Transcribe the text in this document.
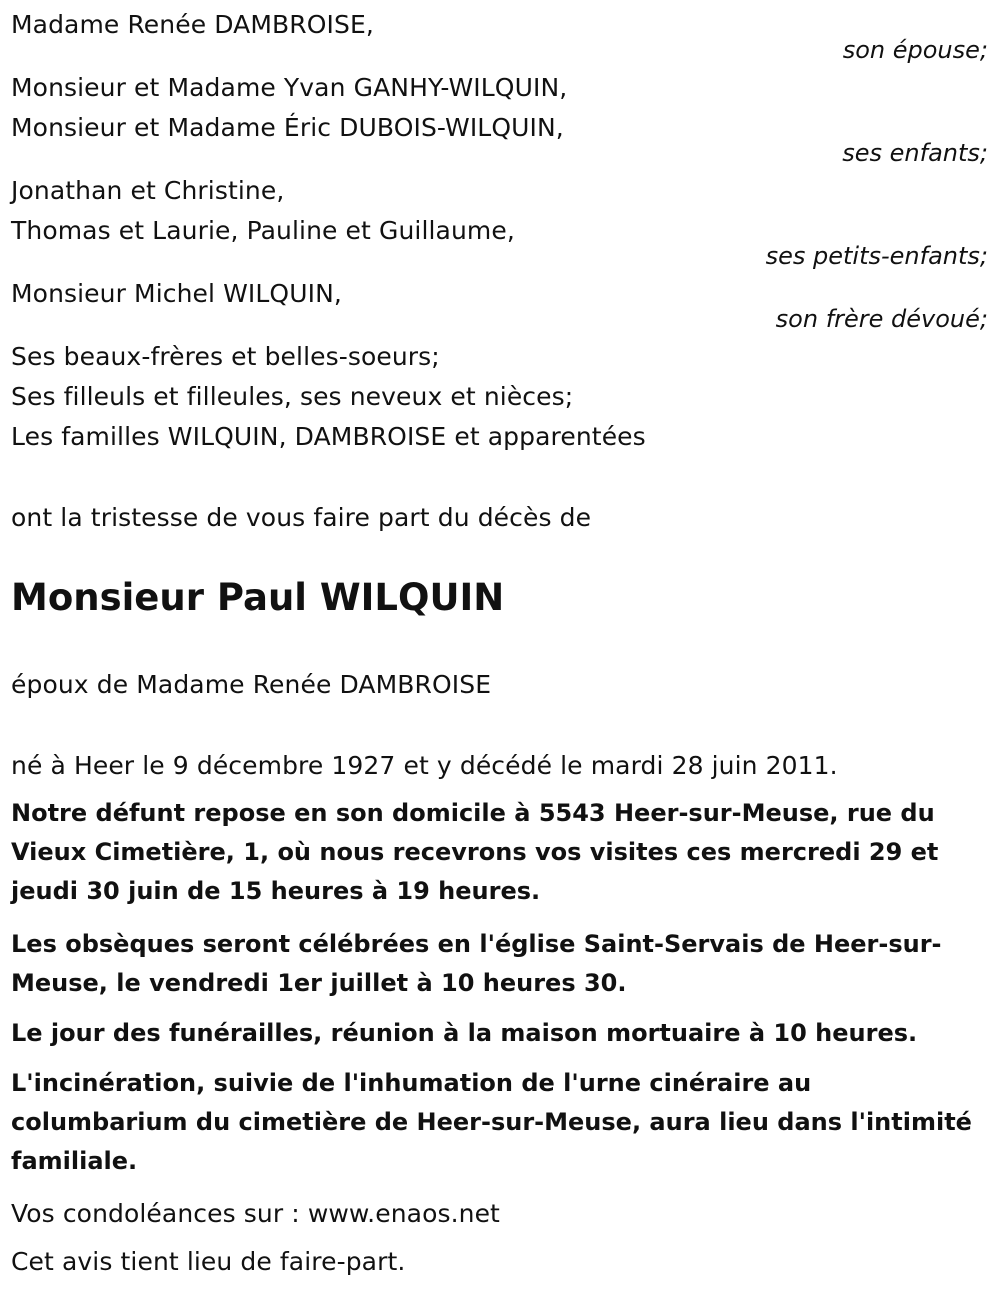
Madame Renée DAMBROISE,
son épouse;
Monsieur et Madame Yvan GANHY-WILQUIN,
Monsieur et Madame Éric DUBOIS-WILQUIN,
ses enfants;
Jonathan et Christine,
Thomas et Laurie, Pauline et Guillaume,
ses petits-enfants;
Monsieur Michel WILQUIN,
son frère dévoué;
Ses beaux-frères et belles-soeurs;
Ses filleuls et filleules, ses neveux et nièces;
Les familles WILQUIN, DAMBROISE et apparentées
ont la tristesse de vous faire part du décès de
Monsieur Paul WILQUIN
époux de Madame Renée DAMBROISE
né à Heer le 9 décembre 1927 et y décédé le mardi 28 juin 2011.
Notre défunt repose en son domicile à 5543 Heer-sur-Meuse, rue du Vieux Cimetière, 1, où nous recevrons vos visites ces mercredi 29 et jeudi 30 juin de 15 heures à 19 heures.
Les obsèques seront célébrées en l'église Saint-Servais de Heer-sur-Meuse, le vendredi 1er juillet à 10 heures 30.
Le jour des funérailles, réunion à la maison mortuaire à 10 heures.
L'incinération, suivie de l'inhumation de l'urne cinéraire au columbarium du cimetière de Heer-sur-Meuse, aura lieu dans l'intimité familiale.
Vos condoléances sur : www.enaos.net
Cet avis tient lieu de faire-part.
